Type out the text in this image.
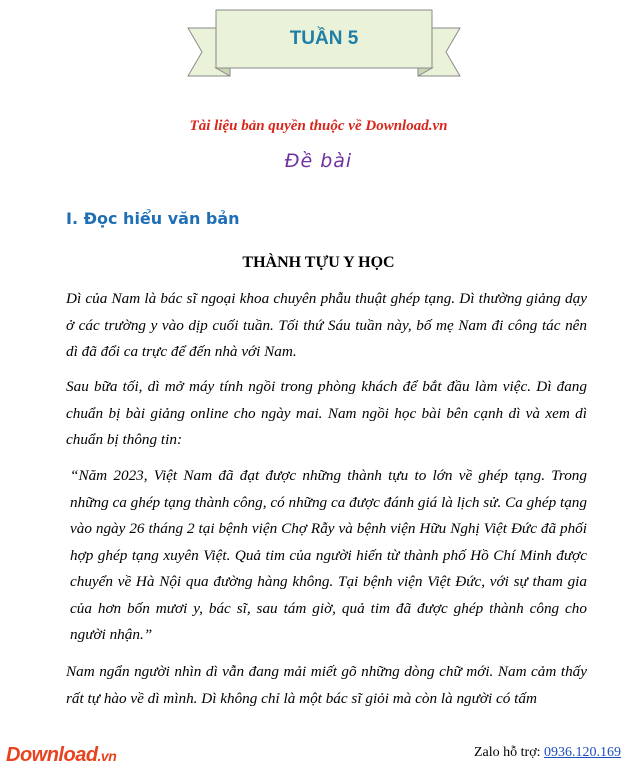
TUẦN 5
Tài liệu bản quyền thuộc về Download.vn
Đề bài
I. Đọc hiểu văn bản
THÀNH TỰU Y HỌC

Dì của Nam là bác sĩ ngoại khoa chuyên phẫu thuật ghép tạng. Dì thường giảng dạy ở các trường y vào dịp cuối tuần. Tối thứ Sáu tuần này, bố mẹ Nam đi công tác nên dì đã đổi ca trực để đến nhà với Nam.

Sau bữa tối, dì mở máy tính ngồi trong phòng khách để bắt đầu làm việc. Dì đang chuẩn bị bài giảng online cho ngày mai. Nam ngồi học bài bên cạnh dì và xem dì chuẩn bị thông tin:

“Năm 2023, Việt Nam đã đạt được những thành tựu to lớn về ghép tạng. Trong những ca ghép tạng thành công, có những ca được đánh giá là lịch sử. Ca ghép tạng vào ngày 26 tháng 2 tại bệnh viện Chợ Rẫy và bệnh viện Hữu Nghị Việt Đức đã phối hợp ghép tạng xuyên Việt. Quả tim của người hiến từ thành phố Hồ Chí Minh được chuyển về Hà Nội qua đường hàng không. Tại bệnh viện Việt Đức, với sự tham gia của hơn bốn mươi y, bác sĩ, sau tám giờ, quả tim đã được ghép thành công cho người nhận.”

Nam ngẩn người nhìn dì vẫn đang mải miết gõ những dòng chữ mới. Nam cảm thấy rất tự hào về dì mình. Dì không chỉ là một bác sĩ giỏi mà còn là người có tấm

Download.vn	Zalo hỗ trợ: 0936.120.169
